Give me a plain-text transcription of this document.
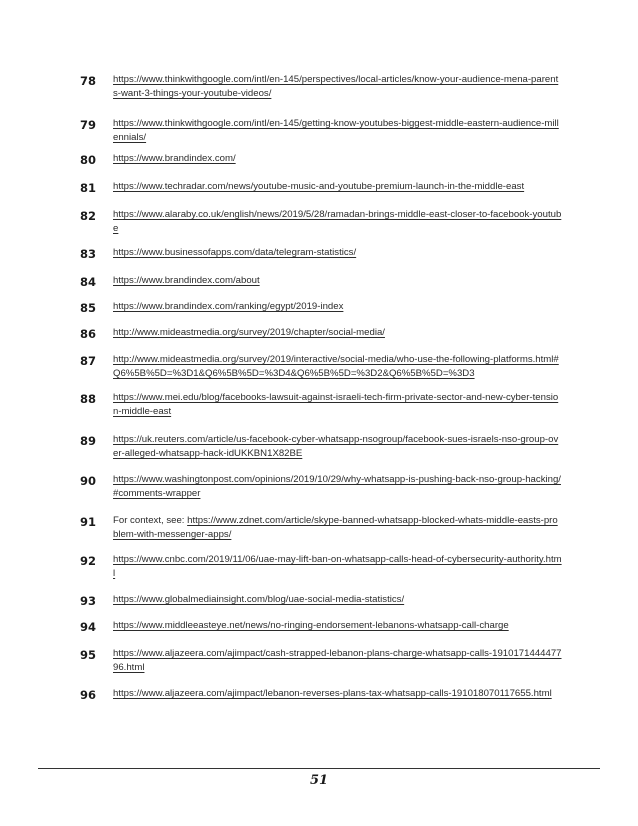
78 https://www.thinkwithgoogle.com/intl/en-145/perspectives/local-articles/know-your-audience-mena-parents-want-3-things-your-youtube-videos/
79 https://www.thinkwithgoogle.com/intl/en-145/getting-know-youtubes-biggest-middle-eastern-audience-millennials/
80 https://www.brandindex.com/
81 https://www.techradar.com/news/youtube-music-and-youtube-premium-launch-in-the-middle-east
82 https://www.alaraby.co.uk/english/news/2019/5/28/ramadan-brings-middle-east-closer-to-facebook-youtube
83 https://www.businessofapps.com/data/telegram-statistics/
84 https://www.brandindex.com/about
85 https://www.brandindex.com/ranking/egypt/2019-index
86 http://www.mideastmedia.org/survey/2019/chapter/social-media/
87 http://www.mideastmedia.org/survey/2019/interactive/social-media/who-use-the-following-platforms.html#Q6%5B%5D=%3D1&Q6%5B%5D=%3D4&Q6%5B%5D=%3D2&Q6%5B%5D=%3D3
88 https://www.mei.edu/blog/facebooks-lawsuit-against-israeli-tech-firm-private-sector-and-new-cyber-tension-middle-east
89 https://uk.reuters.com/article/us-facebook-cyber-whatsapp-nsogroup/facebook-sues-israels-nso-group-over-alleged-whatsapp-hack-idUKKBN1X82BE
90 https://www.washingtonpost.com/opinions/2019/10/29/why-whatsapp-is-pushing-back-nso-group-hacking/#comments-wrapper
91 For context, see: https://www.zdnet.com/article/skype-banned-whatsapp-blocked-whats-middle-easts-problem-with-messenger-apps/
92 https://www.cnbc.com/2019/11/06/uae-may-lift-ban-on-whatsapp-calls-head-of-cybersecurity-authority.html
93 https://www.globalmediainsight.com/blog/uae-social-media-statistics/
94 https://www.middleeasteye.net/news/no-ringing-endorsement-lebanons-whatsapp-call-charge
95 https://www.aljazeera.com/ajimpact/cash-strapped-lebanon-plans-charge-whatsapp-calls-191017144447796.html
96 https://www.aljazeera.com/ajimpact/lebanon-reverses-plans-tax-whatsapp-calls-191018070117655.html
51
